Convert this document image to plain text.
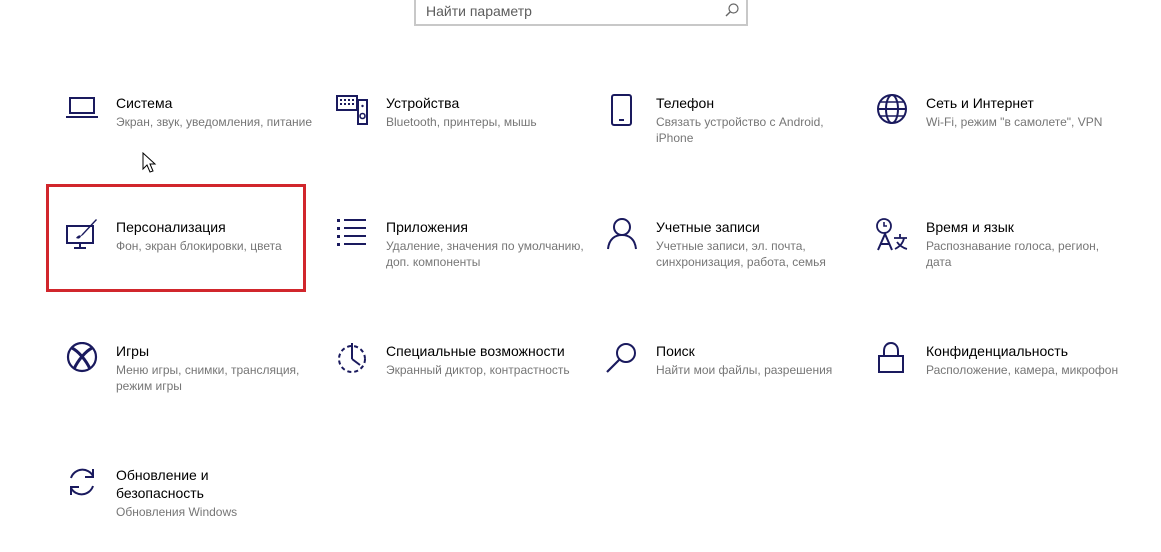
Найти параметр
Система
Экран, звук, уведомления, питание
Устройства
Bluetooth, принтеры, мышь
Телефон
Связать устройство с Android, iPhone
Сеть и Интернет
Wi-Fi, режим "в самолете", VPN
Персонализация
Фон, экран блокировки, цвета
Приложения
Удаление, значения по умолчанию, доп. компоненты
Учетные записи
Учетные записи, эл. почта, синхронизация, работа, семья
Время и язык
Распознавание голоса, регион, дата
Игры
Меню игры, снимки, трансляция, режим игры
Специальные возможности
Экранный диктор, контрастность
Поиск
Найти мои файлы, разрешения
Конфиденциальность
Расположение, камера, микрофон
Обновление и безопасность
Обновления Windows
